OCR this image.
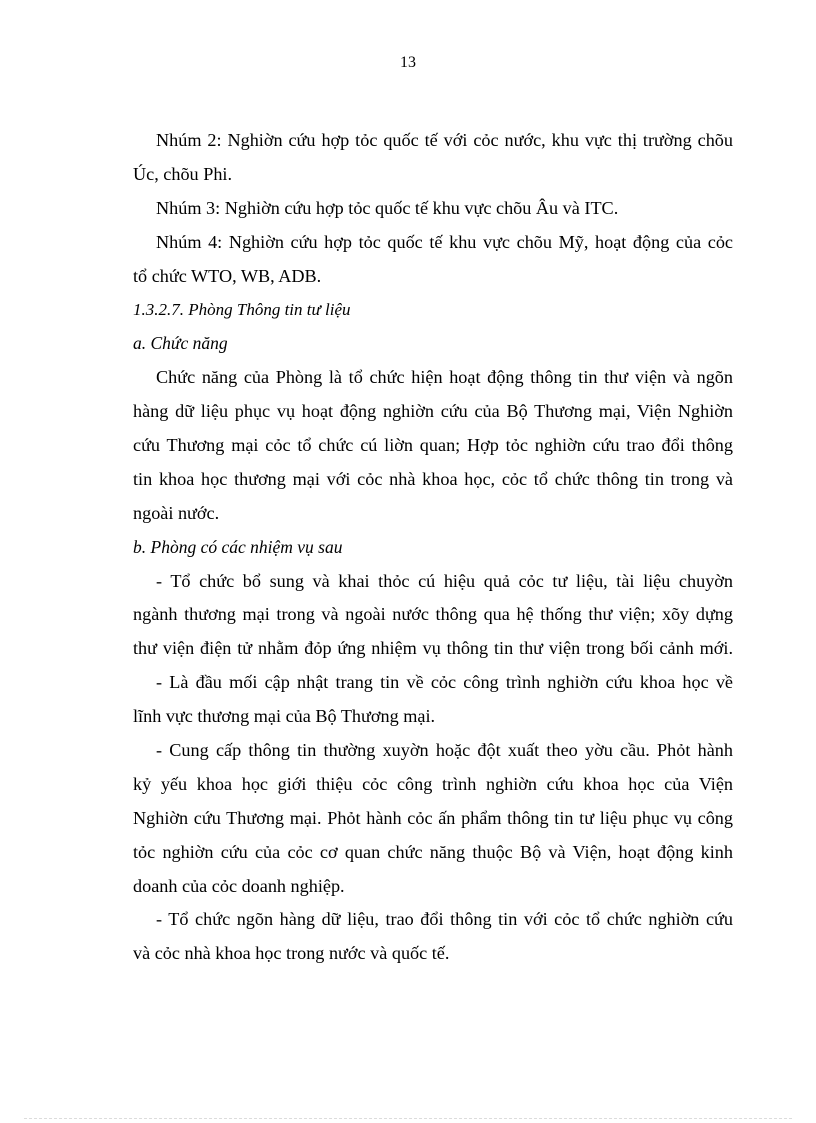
13
Nhúm 2: Nghiờn cứu hợp tỏc quốc tế với cỏc nước, khu vực thị trường chõu
Úc, chõu Phi.
Nhúm 3: Nghiờn cứu hợp tỏc quốc tế khu vực chõu Âu và ITC.
Nhúm 4: Nghiờn cứu hợp tỏc quốc tế khu vực chõu Mỹ, hoạt động của cỏc
tổ chức WTO, WB, ADB.
1.3.2.7. Phòng Thông tin tư liệu
a. Chức năng
Chức năng của Phòng là tổ chức hiện hoạt động thông tin thư viện và ngõn
hàng dữ liệu phục vụ hoạt động nghiờn cứu của Bộ Thương mại, Viện Nghiờn
cứu Thương mại cỏc tổ chức cú liờn quan; Hợp tỏc nghiờn cứu trao đổi thông
tin khoa học thương mại với cỏc nhà khoa học, cỏc tổ chức thông tin trong và
ngoài nước.
b. Phòng có các nhiệm vụ sau
- Tổ chức bổ sung và khai thỏc cú hiệu quả cỏc tư liệu, tài liệu chuyờn
ngành thương mại trong và ngoài nước thông qua hệ thống thư viện; xõy dựng
thư viện điện tử nhằm đỏp ứng nhiệm vụ thông tin thư viện trong bối cảnh mới.
- Là đầu mối cập nhật trang tin về cỏc công trình nghiờn cứu khoa học về
lĩnh vực thương mại của Bộ Thương mại.
- Cung cấp thông tin thường xuyờn hoặc đột xuất theo yờu cầu. Phỏt hành
kỷ yếu khoa học giới thiệu cỏc công trình nghiờn cứu khoa học của Viện
Nghiờn cứu Thương mại. Phỏt hành cỏc ấn phẩm thông tin tư liệu phục vụ công
tỏc nghiờn cứu của cỏc cơ quan chức năng thuộc Bộ và Viện, hoạt động kinh
doanh của cỏc doanh nghiệp.
- Tổ chức ngõn hàng dữ liệu, trao đổi thông tin với cỏc tổ chức nghiờn cứu
và cỏc nhà khoa học trong nước và quốc tế.
